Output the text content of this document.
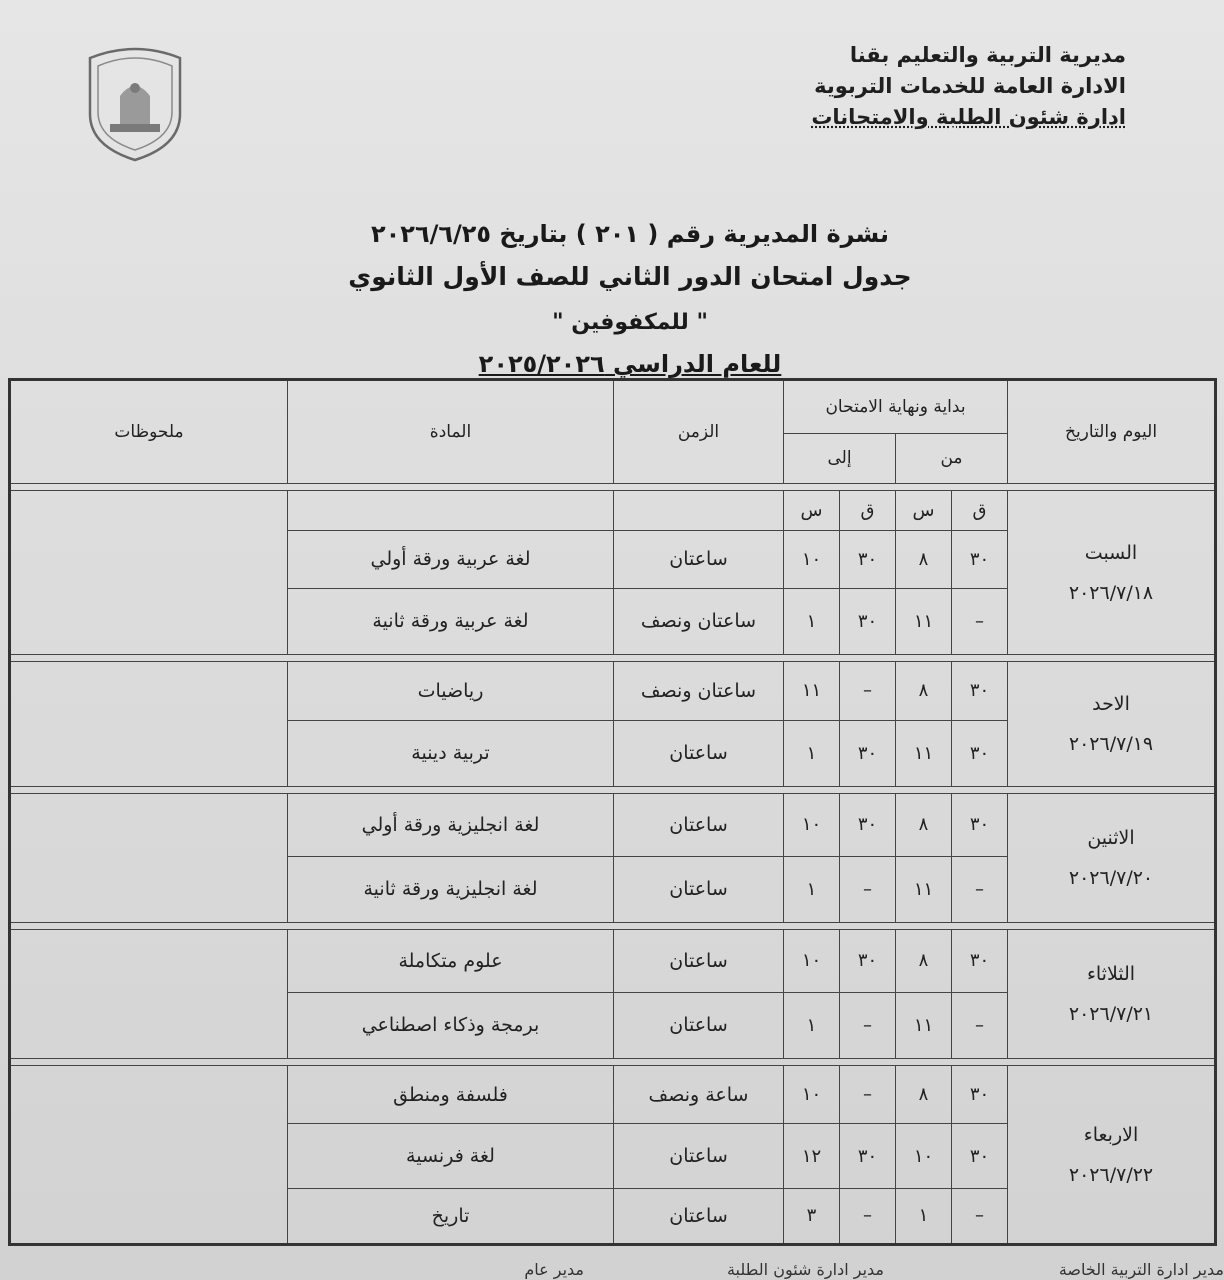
مديرية التربية والتعليم بقنا
الادارة العامة للخدمات التربوية
ادارة شئون الطلبة والامتحانات
نشرة المديرية رقم ( ٢٠١ ) بتاريخ ٢٠٢٦/٦/٢٥
جدول امتحان الدور الثاني للصف الأول الثانوي
" للمكفوفين "
للعام الدراسي ٢٠٢٥/٢٠٢٦
اليوم والتاريخ	بداية ونهاية الامتحان				الزمن	المادة	ملحوظات
	من		إلى				

السبت
٢٠٢٦/٧/١٨	ق	س	ق	س			
	٣٠	٨	٣٠	١٠	ساعتان	لغة عربية ورقة أولي	
	–	١١	٣٠	١	ساعتان ونصف	لغة عربية ورقة ثانية	

الاحد
٢٠٢٦/٧/١٩	٣٠	٨	–	١١	ساعتان ونصف	رياضيات	
	٣٠	١١	٣٠	١	ساعتان	تربية دينية	

الاثنين
٢٠٢٦/٧/٢٠	٣٠	٨	٣٠	١٠	ساعتان	لغة انجليزية ورقة أولي	
	–	١١	–	١	ساعتان	لغة انجليزية ورقة ثانية	

الثلاثاء
٢٠٢٦/٧/٢١	٣٠	٨	٣٠	١٠	ساعتان	علوم متكاملة	
	–	١١	–	١	ساعتان	برمجة وذكاء اصطناعي	

الاربعاء
٢٠٢٦/٧/٢٢	٣٠	٨	–	١٠	ساعة ونصف	فلسفة ومنطق	
	٣٠	١٠	٣٠	١٢	ساعتان	لغة فرنسية	
	–	١	–	٣	ساعتان	تاريخ	
مدير ادارة التربية الخاصة
مدير ادارة شئون الطلبة
مدير عام
